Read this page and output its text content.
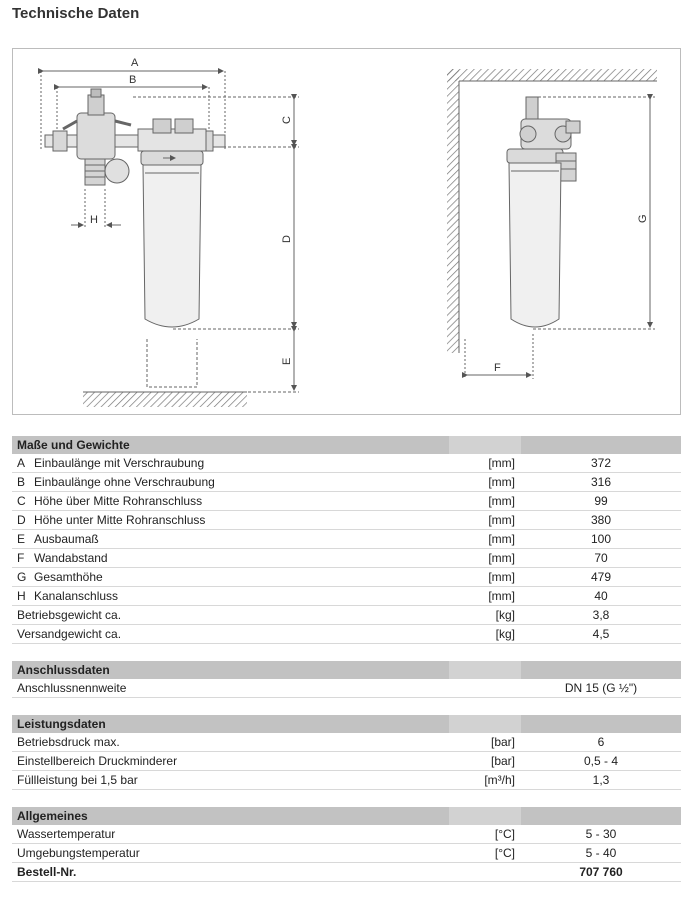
Technische Daten
A
B
C
D
E
H	G
F
Maße und Gewichte			
A	Einbaulänge mit Verschraubung	[mm]	372
B	Einbaulänge ohne Verschraubung	[mm]	316
C	Höhe über Mitte Rohranschluss	[mm]	99
D	Höhe unter Mitte Rohranschluss	[mm]	380
E	Ausbaumaß	[mm]	100
F	Wandabstand	[mm]	70
G	Gesamthöhe	[mm]	479
H	Kanalanschluss	[mm]	40
Betriebsgewicht ca.		[kg]	3,8
Versandgewicht ca.		[kg]	4,5
Anschlussdaten		
Anschlussnennweite		DN 15 (G ½")
Leistungsdaten		
Betriebsdruck max.	[bar]	6
Einstellbereich Druckminderer	[bar]	0,5 - 4
Füllleistung bei 1,5 bar	[m³/h]	1,3
Allgemeines		
Wassertemperatur	[°C]	5 - 30
Umgebungstemperatur	[°C]	5 - 40
Bestell-Nr.		707 760
